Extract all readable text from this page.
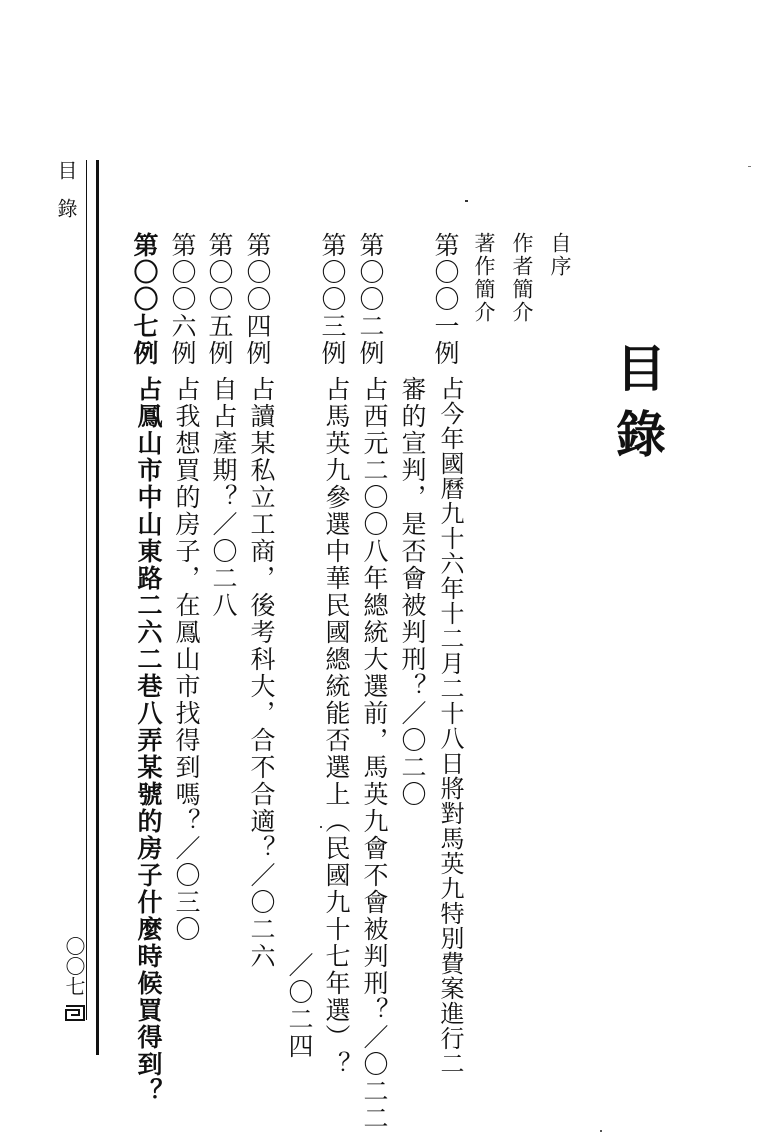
目錄
自序
作者簡介
著作簡介
第〇〇一例
占今年國曆九十六年十二月二十八日將對馬英九特別費案進行二
審的宣判，是否會被判刑？／〇二〇
第〇〇二例
占西元二〇〇八年總統大選前，馬英九會不會被判刑？／〇二二
第〇〇三例
占馬英九參選中華民國總統能否選上（民國九十七年選）？
／〇二四
第〇〇四例
占讀某私立工商，後考科大，合不合適？／〇二六
第〇〇五例
自占產期？／〇二八
第〇〇六例
占我想買的房子，在鳳山市找得到嗎？／〇三〇
第〇〇七例
占鳳山市中山東路二六二巷八弄某號的房子什麼時候買得到？
目錄
〇〇七
